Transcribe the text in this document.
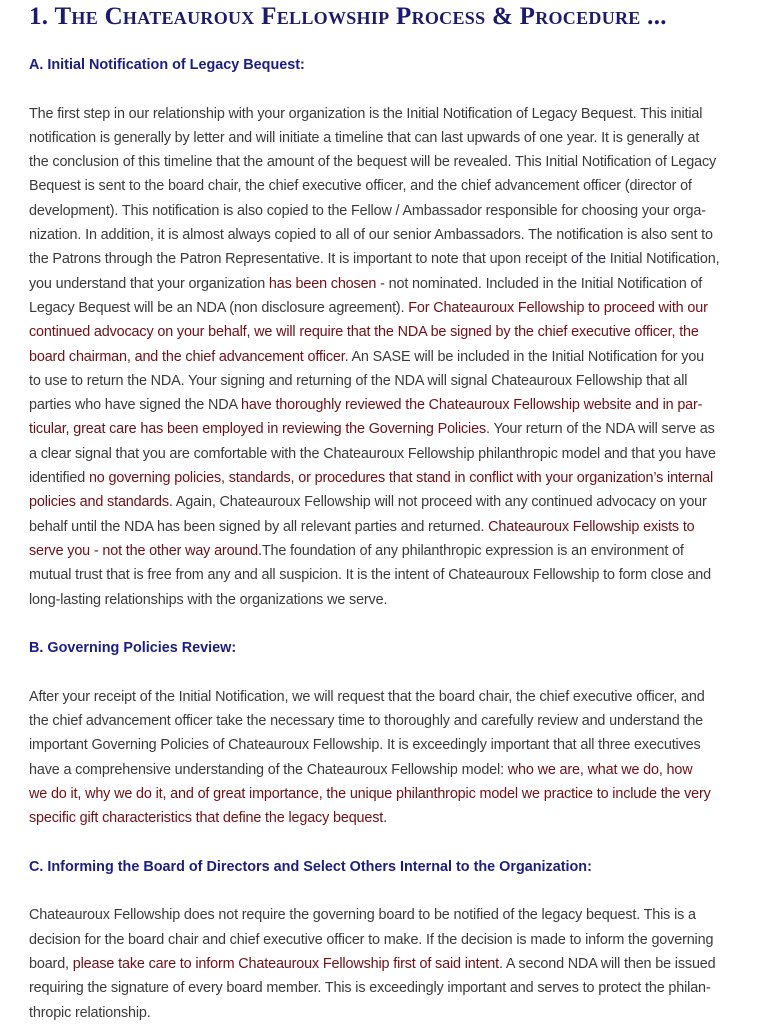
1. The Chateauroux Fellowship Process & Procedure ...
A. Initial Notification of Legacy Bequest:
The first step in our relationship with your organization is the Initial Notification of Legacy Bequest. This initial
notification is generally by letter and will initiate a timeline that can last upwards of one year. It is generally at
the conclusion of this timeline that the amount of the bequest will be revealed. This Initial Notification of Legacy
Bequest is sent to the board chair, the chief executive officer, and the chief advancement officer (director of
development). This notification is also copied to the Fellow / Ambassador responsible for choosing your orga-
nization. In addition, it is almost always copied to all of our senior Ambassadors. The notification is also sent to
the Patrons through the Patron Representative. It is important to note that upon receipt of the Initial Notification,
you understand that your organization has been chosen - not nominated. Included in the Initial Notification of
Legacy Bequest will be an NDA (non disclosure agreement). For Chateauroux Fellowship to proceed with our
continued advocacy on your behalf, we will require that the NDA be signed by the chief executive officer, the
board chairman, and the chief advancement officer. An SASE will be included in the Initial Notification for you
to use to return the NDA. Your signing and returning of the NDA will signal Chateauroux Fellowship that all
parties who have signed the NDA have thoroughly reviewed the Chateauroux Fellowship website and in par-
ticular, great care has been employed in reviewing the Governing Policies. Your return of the NDA will serve as
a clear signal that you are comfortable with the Chateauroux Fellowship philanthropic model and that you have
identified no governing policies, standards, or procedures that stand in conflict with your organization’s internal
policies and standards. Again, Chateauroux Fellowship will not proceed with any continued advocacy on your
behalf until the NDA has been signed by all relevant parties and returned. Chateauroux Fellowship exists to
serve you - not the other way around.The foundation of any philanthropic expression is an environment of
mutual trust that is free from any and all suspicion. It is the intent of Chateauroux Fellowship to form close and
long-lasting relationships with the organizations we serve.
B. Governing Policies Review:
After your receipt of the Initial Notification, we will request that the board chair, the chief executive officer, and
the chief advancement officer take the necessary time to thoroughly and carefully review and understand the
important Governing Policies of Chateauroux Fellowship. It is exceedingly important that all three executives
have a comprehensive understanding of the Chateauroux Fellowship model: who we are, what we do, how
we do it, why we do it, and of great importance, the unique philanthropic model we practice to include the very
specific gift characteristics that define the legacy bequest.
C. Informing the Board of Directors and Select Others Internal to the Organization:
Chateauroux Fellowship does not require the governing board to be notified of the legacy bequest. This is a
decision for the board chair and chief executive officer to make. If the decision is made to inform the governing
board, please take care to inform Chateauroux Fellowship first of said intent. A second NDA will then be issued
requiring the signature of every board member. This is exceedingly important and serves to protect the philan-
thropic relationship.
